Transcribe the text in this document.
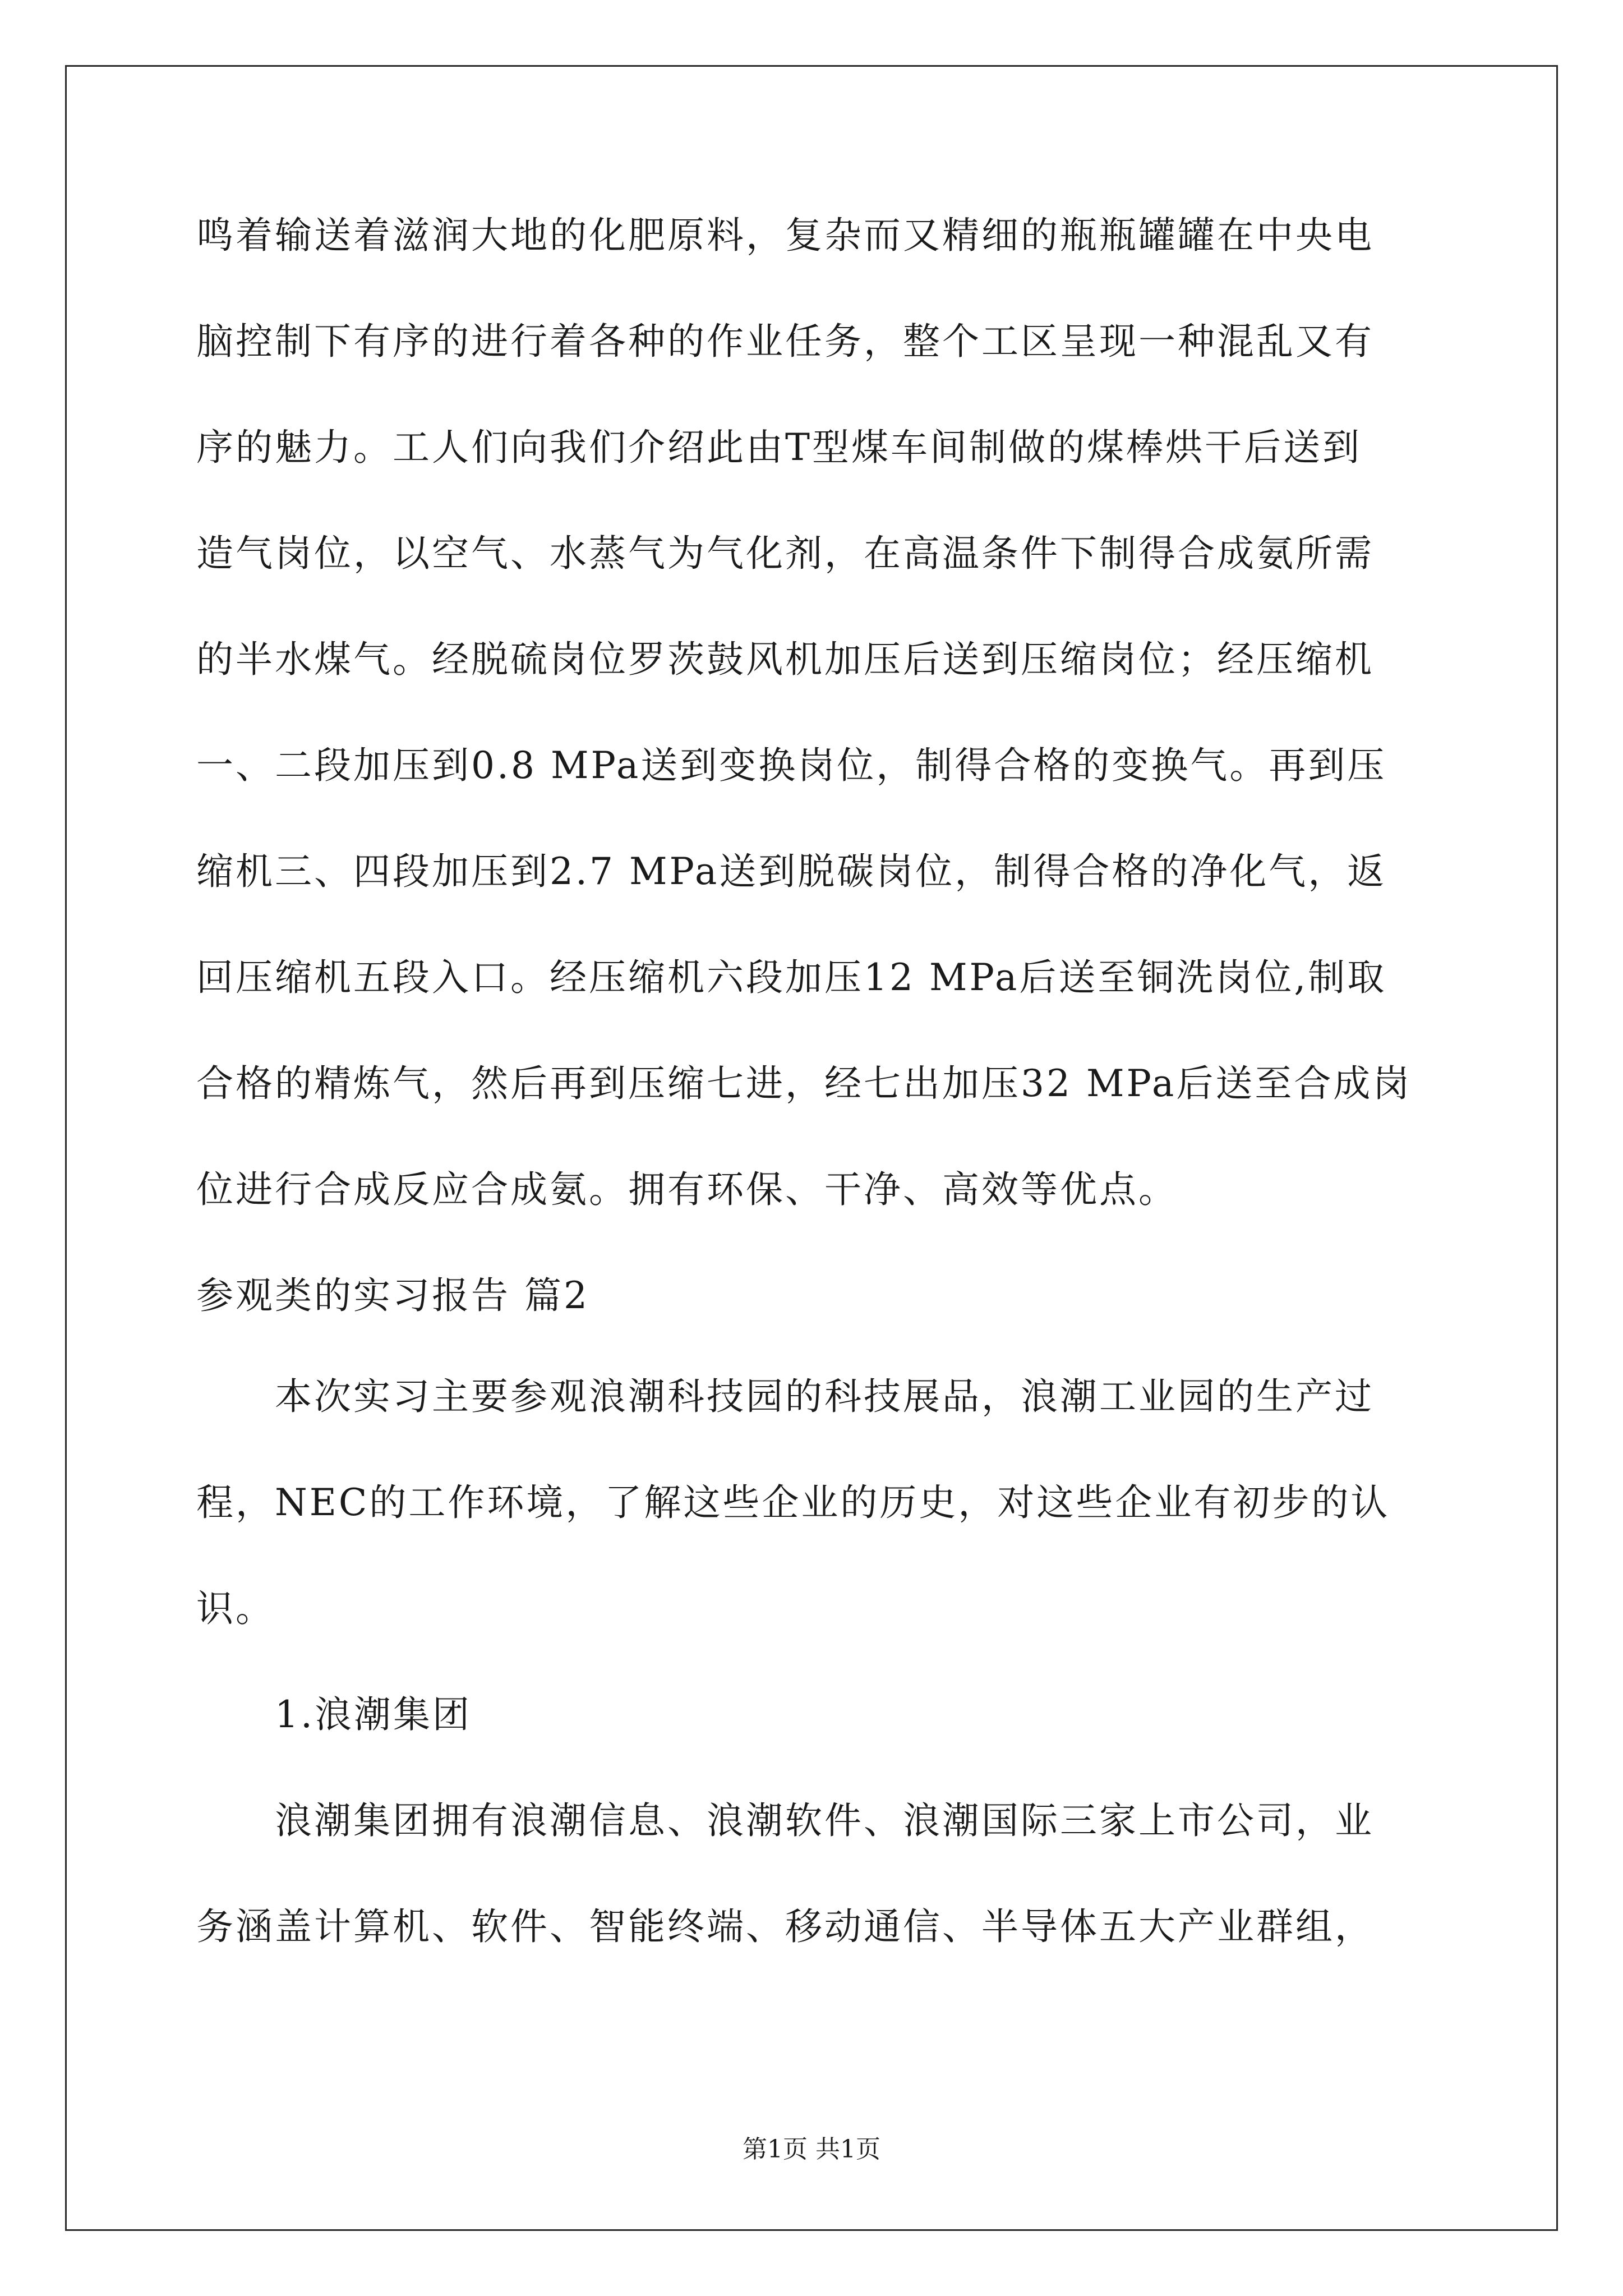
鸣着输送着滋润大地的化肥原料，复杂而又精细的瓶瓶罐罐在中央电
脑控制下有序的进行着各种的作业任务，整个工区呈现一种混乱又有
序的魅力。工人们向我们介绍此由T型煤车间制做的煤棒烘干后送到
造气岗位，以空气、水蒸气为气化剂，在高温条件下制得合成氨所需
的半水煤气。经脱硫岗位罗茨鼓风机加压后送到压缩岗位；经压缩机
一、二段加压到0.8 MPa送到变换岗位，制得合格的变换气。再到压
缩机三、四段加压到2.7 MPa送到脱碳岗位，制得合格的净化气，返
回压缩机五段入口。经压缩机六段加压12 MPa后送至铜洗岗位,制取
合格的精炼气，然后再到压缩七进，经七出加压32 MPa后送至合成岗
位进行合成反应合成氨。拥有环保、干净、高效等优点。
参观类的实习报告 篇2
本次实习主要参观浪潮科技园的科技展品，浪潮工业园的生产过
程，NEC的工作环境，了解这些企业的历史，对这些企业有初步的认
识。
1.浪潮集团
浪潮集团拥有浪潮信息、浪潮软件、浪潮国际三家上市公司，业
务涵盖计算机、软件、智能终端、移动通信、半导体五大产业群组，
第1页 共1页
